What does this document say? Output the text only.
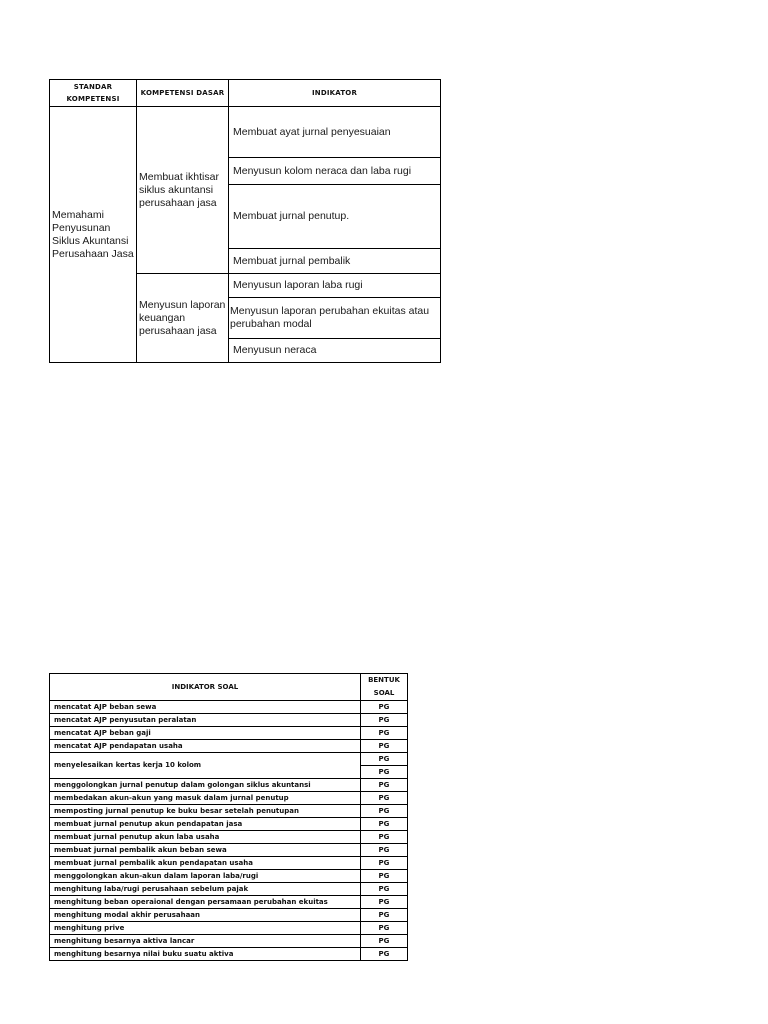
STANDAR KOMPETENSI	KOMPETENSI DASAR	INDIKATOR
Memahami Penyusunan Siklus Akuntansi Perusahaan Jasa	Membuat ikhtisar siklus akuntansi perusahaan jasa	Membuat ayat jurnal penyesuaian
		Menyusun kolom neraca dan laba rugi
		Membuat jurnal penutup.
		Membuat jurnal pembalik
	Menyusun laporan keuangan perusahaan jasa	Menyusun laporan laba rugi
		Menyusun laporan perubahan ekuitas atau perubahan modal
		Menyusun neraca
INDIKATOR SOAL	BENTUK SOAL
mencatat AJP beban sewa	PG
mencatat AJP penyusutan peralatan	PG
mencatat AJP beban gaji	PG
mencatat AJP pendapatan usaha	PG
menyelesaikan kertas kerja 10 kolom	PG
	PG
menggolongkan jurnal penutup dalam golongan siklus akuntansi	PG
membedakan akun-akun yang masuk dalam jurnal penutup	PG
memposting jurnal penutup ke buku besar setelah penutupan	PG
membuat jurnal penutup akun pendapatan jasa	PG
membuat jurnal penutup akun laba usaha	PG
membuat jurnal pembalik akun beban sewa	PG
membuat jurnal pembalik akun pendapatan usaha	PG
menggolongkan akun-akun dalam laporan laba/rugi	PG
menghitung laba/rugi perusahaan sebelum pajak	PG
menghitung beban operaional dengan persamaan perubahan ekuitas	PG
menghitung modal akhir perusahaan	PG
menghitung prive	PG
menghitung besarnya aktiva lancar	PG
menghitung besarnya nilai buku suatu aktiva	PG
